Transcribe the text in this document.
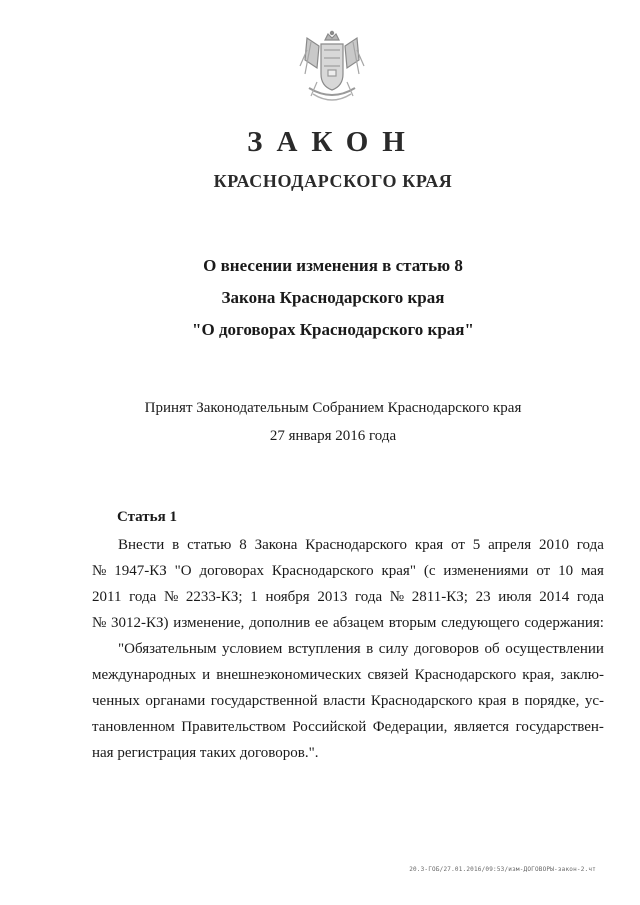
ЗАКОН
КРАСНОДАРСКОГО КРАЯ
О внесении изменения в статью 8
Закона Краснодарского края
"О договорах Краснодарского края"
Принят Законодательным Собранием Краснодарского края
27 января 2016 года
Статья 1
Внести в статью 8 Закона Краснодарского края от 5 апреля 2010 года
№ 1947-КЗ "О договорах Краснодарского края" (с изменениями от 10 мая
2011 года № 2233-КЗ; 1 ноября 2013 года № 2811-КЗ; 23 июля 2014 года
№ 3012-КЗ) изменение, дополнив ее абзацем вторым следующего содержания:
"Обязательным условием вступления в силу договоров об осуществлении
международных и внешнеэкономических связей Краснодарского края, заклю-
ченных органами государственной власти Краснодарского края в порядке, ус-
тановленном Правительством Российской Федерации, является государствен-
ная регистрация таких договоров.".
20.3-ГОБ/27.01.2016/09:53/изм-ДОГОВОРЫ-закон-2.чт
